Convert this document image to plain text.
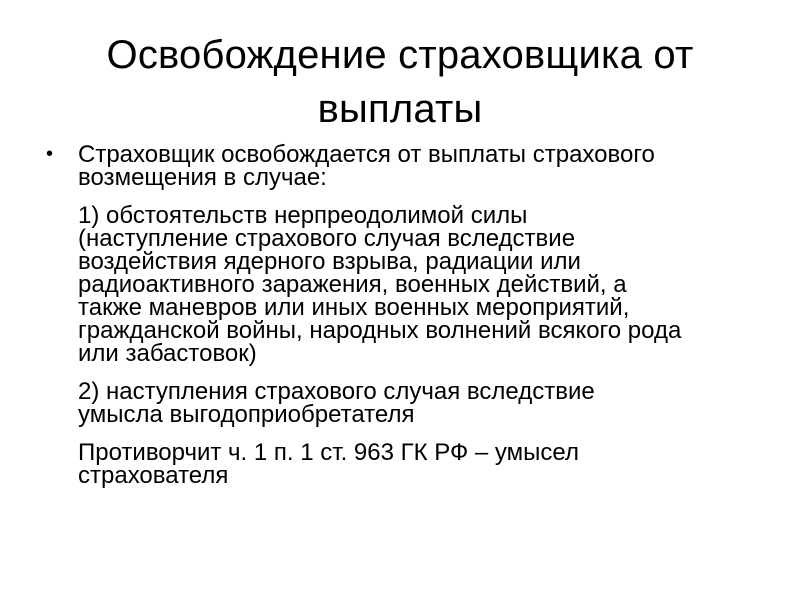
Освобождение страховщика от выплаты
• Страховщик освобождается от выплаты страхового
возмещения в случае:

1) обстоятельств нерпреодолимой силы
(наступление страхового случая вследствие
воздействия ядерного взрыва, радиации или
радиоактивного заражения, военных действий, а
также маневров или иных военных мероприятий,
гражданской войны, народных волнений всякого рода
или забастовок)

2) наступления страхового случая вследствие
умысла выгодоприобретателя

Противорчит ч. 1 п. 1 ст. 963 ГК РФ – умысел
страхователя
